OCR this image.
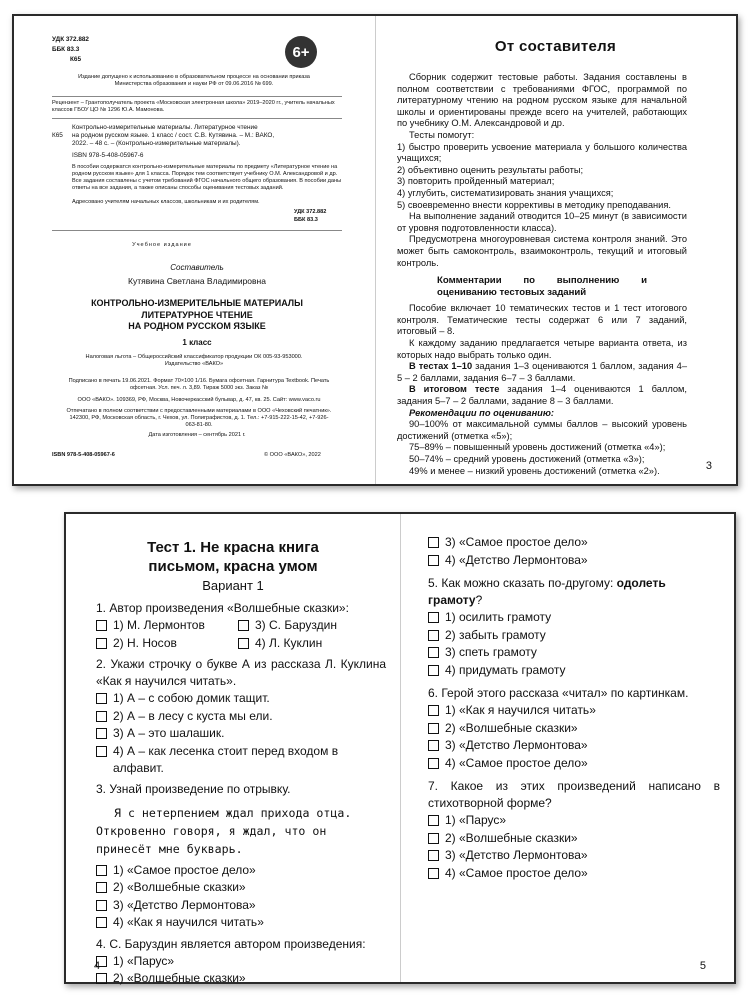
УДК 372.882
ББК 83.3
К65	6+
Издание допущено к использованию в образовательном процессе на основании приказа Министерства образования и науки РФ от 09.06.2016 № 699.
Рецензент – Грантополучатель проекта «Московская электронная школа» 2019–2020 гг., учитель начальных классов ГБОУ ЦО № 1296 Ю.А. Мамонова.
Контрольно-измерительные материалы. Литературное чтение
К65 на родном русском языке. 1 класс / сост. С.В. Кутявина. – М.: ВАКО,
2022. – 48 с. – (Контрольно-измерительные материалы).
ISBN 978-5-408-05967-6
В пособии содержатся контрольно-измерительные материалы по предмету «Литературное чтение на родном русском языке» для 1 класса. Порядок тем соответствует учебнику О.М. Александровой и др. Все задания составлены с учетом требований ФГОС начального общего образования. В пособии даны ответы на все задания, а также описаны способы оценивания тестовых заданий.
Адресовано учителям начальных классов, школьникам и их родителям.
УДК 372.882
ББК 83.3
Учебное издание
Составитель
Кутявина Светлана Владимировна
КОНТРОЛЬНО-ИЗМЕРИТЕЛЬНЫЕ МАТЕРИАЛЫ
ЛИТЕРАТУРНОЕ ЧТЕНИЕ
НА РОДНОМ РУССКОМ ЯЗЫКЕ
1 класс
Налоговая льгота – Общероссийский классификатор продукции ОК 005-93-953000. Издательство «ВАКО»
Подписано в печать 19.06.2021. Формат 70×100 1/16. Бумага офсетная. Гарнитура Textbook. Печать офсетная. Усл. печ. л. 3,89. Тираж 5000 экз. Заказ №
ООО «ВАКО». 109369, РФ, Москва, Новочеркасский бульвар, д. 47, кв. 25. Сайт: www.vaco.ru
Отпечатано в полном соответствии с предоставленными материалами в ООО «Чеховский печатник». 142300, РФ, Московская область, г. Чехов, ул. Полиграфистов, д. 1. Тел.: +7-915-222-15-42, +7-926-063-81-80.
Дата изготовления – сентябрь 2021 г.
ISBN 978-5-408-05967-6	© ООО «ВАКО», 2022
От составителя
Сборник содержит тестовые работы. Задания составлены в полном соответствии с требованиями ФГОС, программой по литературному чтению на родном русском языке для начальной школы и ориентированы прежде всего на учителей, работающих по учебнику О.М. Александровой и др.
Тесты помогут:
1) быстро проверить усвоение материала у большого количества учащихся;
2) объективно оценить результаты работы;
3) повторить пройденный материал;
4) углубить, систематизировать знания учащихся;
5) своевременно внести коррективы в методику преподавания.
На выполнение заданий отводится 10–25 минут (в зависимости от уровня подготовленности класса).
Предусмотрена многоуровневая система контроля знаний. Это может быть самоконтроль, взаимоконтроль, текущий и итоговый контроль.
Комментарии по выполнению и оцениванию тестовых заданий
Пособие включает 10 тематических тестов и 1 тест итогового контроля. Тематические тесты содержат 6 или 7 заданий, итоговый – 8.
К каждому заданию предлагается четыре варианта ответа, из которых надо выбрать только один.
В тестах 1–10 задания 1–3 оцениваются 1 баллом, задания 4–5 – 2 баллами, задания 6–7 – 3 баллами.
В итоговом тесте задания 1–4 оцениваются 1 баллом, задания 5–7 – 2 баллами, задание 8 – 3 баллами.
Рекомендации по оцениванию:
90–100% от максимальной суммы баллов – высокий уровень достижений (отметка «5»);
75–89% – повышенный уровень достижений (отметка «4»);
50–74% – средний уровень достижений (отметка «3»);
49% и менее – низкий уровень достижений (отметка «2»).	3
Тест 1. Не красна книга
письмом, красна умом
Вариант 1
1. Автор произведения «Волшебные сказки»:
1) М. Лермонтов	3) С. Баруздин
2) Н. Носов	4) Л. Куклин
2. Укажи строчку о букве А из рассказа Л. Куклина «Как я научился читать».
1) А – с собою домик тащит.
2) А – в лесу с куста мы ели.
3) А – это шалашик.
4) А – как лесенка стоит перед входом в алфавит.
3. Узнай произведение по отрывку.
Я с нетерпением ждал прихода отца. Откровенно говоря, я ждал, что он принесёт мне букварь.
1) «Самое простое дело»
2) «Волшебные сказки»
3) «Детство Лермонтова»
4) «Как я научился читать»
4. С. Баруздин является автором произведения:
1) «Парус»
2) «Волшебные сказки»
4
3) «Самое простое дело»
4) «Детство Лермонтова»
5. Как можно сказать по-другому: одолеть грамоту?
1) осилить грамоту
2) забыть грамоту
3) спеть грамоту
4) придумать грамоту
6. Герой этого рассказа «читал» по картинкам.
1) «Как я научился читать»
2) «Волшебные сказки»
3) «Детство Лермонтова»
4) «Самое простое дело»
7. Какое из этих произведений написано в стихотворной форме?
1) «Парус»
2) «Волшебные сказки»
3) «Детство Лермонтова»
4) «Самое простое дело»
5
